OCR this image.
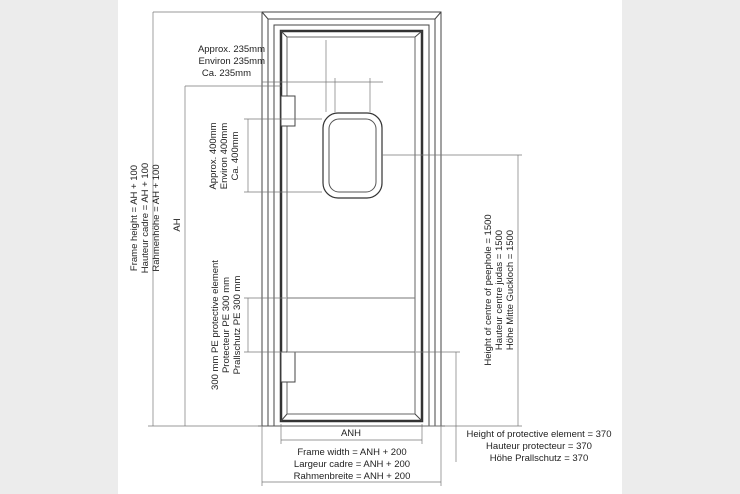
Approx. 235mm
Environ 235mm
Ca. 235mm
ANH
Frame width = ANH + 200
Largeur cadre = ANH + 200
Rahmenbreite = ANH + 200
Height of protective element = 370
Hauteur protecteur = 370
Höhe Prallschutz = 370
Frame height = AH + 100 Hauteur cadre = AH + 100 Rahmenhöhe = AH + 100 AH
Approx. 400mm Environ 400mm Ca. 400mm
300 mm PE protective element Protecteur PE 300 mm Prallschutz PE 300 mm	Height of centre of peephole = 1500 Hauteur centre judas = 1500 Höhe Mitte Guckloch = 1500
